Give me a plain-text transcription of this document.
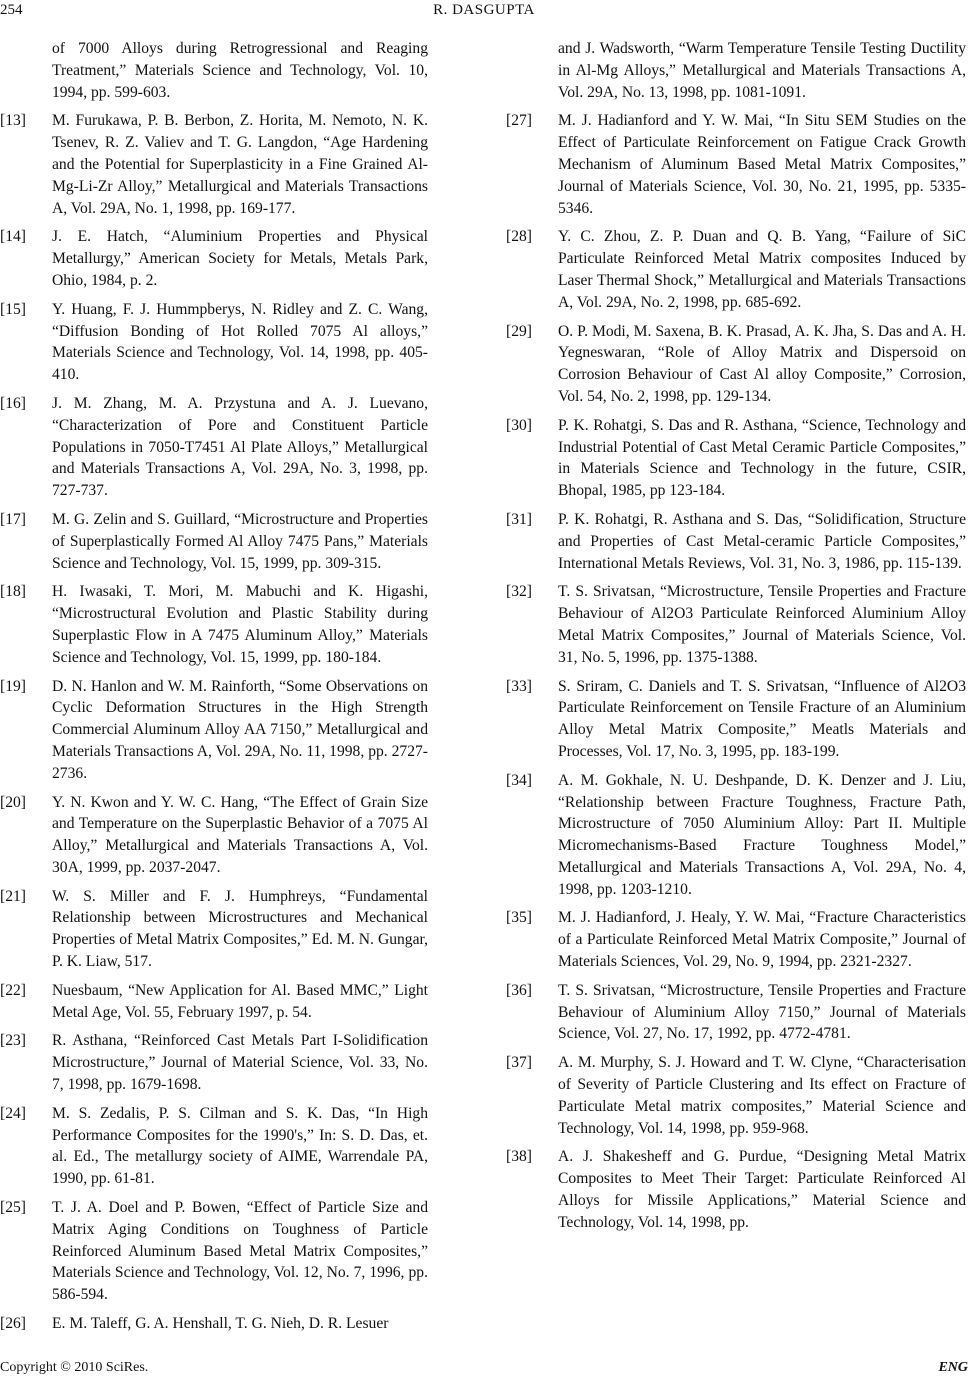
254	R. DASGUPTA
of 7000 Alloys during Retrogressional and Reaging Treatment,” Materials Science and Technology, Vol. 10, 1994, pp. 599-603.
[13] M. Furukawa, P. B. Berbon, Z. Horita, M. Nemoto, N. K. Tsenev, R. Z. Valiev and T. G. Langdon, “Age Hardening and the Potential for Superplasticity in a Fine Grained Al-Mg-Li-Zr Alloy,” Metallurgical and Materials Transactions A, Vol. 29A, No. 1, 1998, pp. 169-177.
[14] J. E. Hatch, “Aluminium Properties and Physical Metallurgy,” American Society for Metals, Metals Park, Ohio, 1984, p. 2.
[15] Y. Huang, F. J. Hummpberys, N. Ridley and Z. C. Wang, “Diffusion Bonding of Hot Rolled 7075 Al alloys,” Materials Science and Technology, Vol. 14, 1998, pp. 405-410.
[16] J. M. Zhang, M. A. Przystuna and A. J. Luevano, “Characterization of Pore and Constituent Particle Populations in 7050-T7451 Al Plate Alloys,” Metallurgical and Materials Transactions A, Vol. 29A, No. 3, 1998, pp. 727-737.
[17] M. G. Zelin and S. Guillard, “Microstructure and Properties of Superplastically Formed Al Alloy 7475 Pans,” Materials Science and Technology, Vol. 15, 1999, pp. 309-315.
[18] H. Iwasaki, T. Mori, M. Mabuchi and K. Higashi, “Microstructural Evolution and Plastic Stability during Superplastic Flow in A 7475 Aluminum Alloy,” Materials Science and Technology, Vol. 15, 1999, pp. 180-184.
[19] D. N. Hanlon and W. M. Rainforth, “Some Observations on Cyclic Deformation Structures in the High Strength Commercial Aluminum Alloy AA 7150,” Metallurgical and Materials Transactions A, Vol. 29A, No. 11, 1998, pp. 2727-2736.
[20] Y. N. Kwon and Y. W. C. Hang, “The Effect of Grain Size and Temperature on the Superplastic Behavior of a 7075 Al Alloy,” Metallurgical and Materials Transactions A, Vol. 30A, 1999, pp. 2037-2047.
[21] W. S. Miller and F. J. Humphreys, “Fundamental Relationship between Microstructures and Mechanical Properties of Metal Matrix Composites,” Ed. M. N. Gungar, P. K. Liaw, 517.
[22] Nuesbaum, “New Application for Al. Based MMC,” Light Metal Age, Vol. 55, February 1997, p. 54.
[23] R. Asthana, “Reinforced Cast Metals Part I-Solidification Microstructure,” Journal of Material Science, Vol. 33, No. 7, 1998, pp. 1679-1698.
[24] M. S. Zedalis, P. S. Cilman and S. K. Das, “In High Performance Composites for the 1990's,” In: S. D. Das, et. al. Ed., The metallurgy society of AIME, Warrendale PA, 1990, pp. 61-81.
[25] T. J. A. Doel and P. Bowen, “Effect of Particle Size and Matrix Aging Conditions on Toughness of Particle Reinforced Aluminum Based Metal Matrix Composites,” Materials Science and Technology, Vol. 12, No. 7, 1996, pp. 586-594.
[26] E. M. Taleff, G. A. Henshall, T. G. Nieh, D. R. Lesuer
and J. Wadsworth, “Warm Temperature Tensile Testing Ductility in Al-Mg Alloys,” Metallurgical and Materials Transactions A, Vol. 29A, No. 13, 1998, pp. 1081-1091.
[27] M. J. Hadianford and Y. W. Mai, “In Situ SEM Studies on the Effect of Particulate Reinforcement on Fatigue Crack Growth Mechanism of Aluminum Based Metal Matrix Composites,” Journal of Materials Science, Vol. 30, No. 21, 1995, pp. 5335-5346.
[28] Y. C. Zhou, Z. P. Duan and Q. B. Yang, “Failure of SiC Particulate Reinforced Metal Matrix composites Induced by Laser Thermal Shock,” Metallurgical and Materials Transactions A, Vol. 29A, No. 2, 1998, pp. 685-692.
[29] O. P. Modi, M. Saxena, B. K. Prasad, A. K. Jha, S. Das and A. H. Yegneswaran, “Role of Alloy Matrix and Dispersoid on Corrosion Behaviour of Cast Al alloy Composite,” Corrosion, Vol. 54, No. 2, 1998, pp. 129-134.
[30] P. K. Rohatgi, S. Das and R. Asthana, “Science, Technology and Industrial Potential of Cast Metal Ceramic Particle Composites,” in Materials Science and Technology in the future, CSIR, Bhopal, 1985, pp 123-184.
[31] P. K. Rohatgi, R. Asthana and S. Das, “Solidification, Structure and Properties of Cast Metal-ceramic Particle Composites,” International Metals Reviews, Vol. 31, No. 3, 1986, pp. 115-139.
[32] T. S. Srivatsan, “Microstructure, Tensile Properties and Fracture Behaviour of Al2O3 Particulate Reinforced Aluminium Alloy Metal Matrix Composites,” Journal of Materials Science, Vol. 31, No. 5, 1996, pp. 1375-1388.
[33] S. Sriram, C. Daniels and T. S. Srivatsan, “Influence of Al2O3 Particulate Reinforcement on Tensile Fracture of an Aluminium Alloy Metal Matrix Composite,” Meatls Materials and Processes, Vol. 17, No. 3, 1995, pp. 183-199.
[34] A. M. Gokhale, N. U. Deshpande, D. K. Denzer and J. Liu, “Relationship between Fracture Toughness, Fracture Path, Microstructure of 7050 Aluminium Alloy: Part II. Multiple Micromechanisms-Based Fracture Toughness Model,” Metallurgical and Materials Transactions A, Vol. 29A, No. 4, 1998, pp. 1203-1210.
[35] M. J. Hadianford, J. Healy, Y. W. Mai, “Fracture Characteristics of a Particulate Reinforced Metal Matrix Composite,” Journal of Materials Sciences, Vol. 29, No. 9, 1994, pp. 2321-2327.
[36] T. S. Srivatsan, “Microstructure, Tensile Properties and Fracture Behaviour of Aluminium Alloy 7150,” Journal of Materials Science, Vol. 27, No. 17, 1992, pp. 4772-4781.
[37] A. M. Murphy, S. J. Howard and T. W. Clyne, “Characterisation of Severity of Particle Clustering and Its effect on Fracture of Particulate Metal matrix composites,” Material Science and Technology, Vol. 14, 1998, pp. 959-968.
[38] A. J. Shakesheff and G. Purdue, “Designing Metal Matrix Composites to Meet Their Target: Particulate Reinforced Al Alloys for Missile Applications,” Material Science and Technology, Vol. 14, 1998, pp.
Copyright © 2010 SciRes.	ENG
